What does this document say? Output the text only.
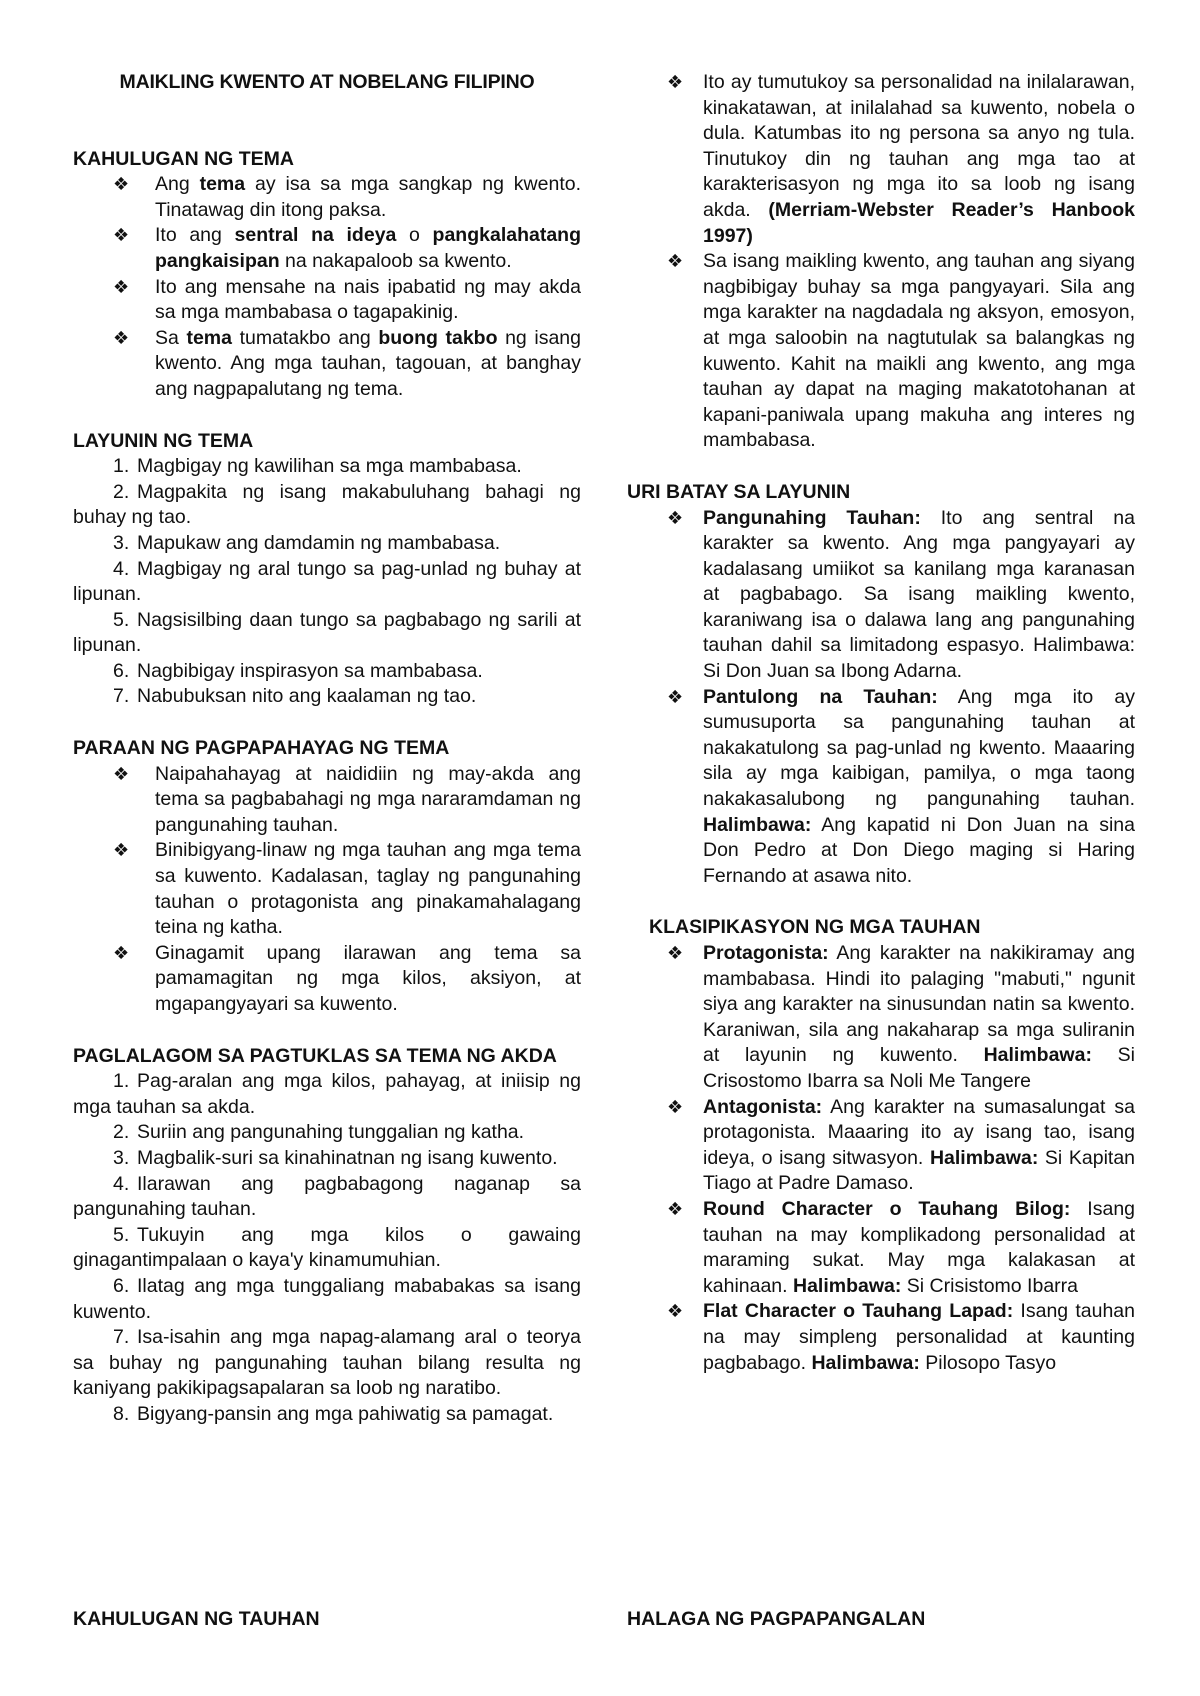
MAIKLING KWENTO AT NOBELANG FILIPINO

KAHULUGAN NG TEMA

❖ Ang tema ay isa sa mga sangkap ng kwento. Tinatawag din itong paksa.
❖ Ito ang sentral na ideya o pangkalahatang pangkaisipan na nakapaloob sa kwento.
❖ Ito ang mensahe na nais ipabatid ng may akda sa mga mambabasa o tagapakinig.
❖ Sa tema tumatakbo ang buong takbo ng isang kwento. Ang mga tauhan, tagouan, at banghay ang nagpapalutang ng tema.

LAYUNIN NG TEMA

1. Magbigay ng kawilihan sa mga mambabasa.
2. Magpakita ng isang makabuluhang bahagi ng buhay ng tao.
3. Mapukaw ang damdamin ng mambabasa.
4. Magbigay ng aral tungo sa pag-unlad ng buhay at lipunan.
5. Nagsisilbing daan tungo sa pagbabago ng sarili at lipunan.
6. Nagbibigay inspirasyon sa mambabasa.
7. Nabubuksan nito ang kaalaman ng tao.

PARAAN NG PAGPAPAHAYAG NG TEMA

❖ Naipahahayag at naididiin ng may-akda ang tema sa pagbabahagi ng mga nararamdaman ng pangunahing tauhan.
❖ Binibigyang-linaw ng mga tauhan ang mga tema sa kuwento. Kadalasan, taglay ng pangunahing tauhan o protagonista ang pinakamahalagang teina ng katha.
❖ Ginagamit upang ilarawan ang tema sa pamamagitan ng mga kilos, aksiyon, at mgapangyayari sa kuwento.

PAGLALAGOM SA PAGTUKLAS SA TEMA NG AKDA

1. Pag-aralan ang mga kilos, pahayag, at iniisip ng mga tauhan sa akda.
2. Suriin ang pangunahing tunggalian ng katha.
3. Magbalik-suri sa kinahinatnan ng isang kuwento.
4. Ilarawan ang pagbabagong naganap sa pangunahing tauhan.
5. Tukuyin ang mga kilos o gawaing ginagantimpalaan o kaya'y kinamumuhian.
6. Ilatag ang mga tunggaliang mababakas sa isang kuwento.
7. Isa-isahin ang mga napag-alamang aral o teorya sa buhay ng pangunahing tauhan bilang resulta ng kaniyang pakikipagsapalaran sa loob ng naratibo.
8. Bigyang-pansin ang mga pahiwatig sa pamagat.

KAHULUGAN NG TAUHAN

❖ Ito ay tumutukoy sa personalidad na inilalarawan, kinakatawan, at inilalahad sa kuwento, nobela o dula. Katumbas ito ng persona sa anyo ng tula. Tinutukoy din ng tauhan ang mga tao at karakterisasyon ng mga ito sa loob ng isang akda. (Merriam-Webster Reader’s Hanbook 1997)
❖ Sa isang maikling kwento, ang tauhan ang siyang nagbibigay buhay sa mga pangyayari. Sila ang mga karakter na nagdadala ng aksyon, emosyon, at mga saloobin na nagtutulak sa balangkas ng kuwento. Kahit na maikli ang kwento, ang mga tauhan ay dapat na maging makatotohanan at kapani-paniwala upang makuha ang interes ng mambabasa.

URI BATAY SA LAYUNIN

❖ Pangunahing Tauhan: Ito ang sentral na karakter sa kwento. Ang mga pangyayari ay kadalasang umiikot sa kanilang mga karanasan at pagbabago. Sa isang maikling kwento, karaniwang isa o dalawa lang ang pangunahing tauhan dahil sa limitadong espasyo. Halimbawa: Si Don Juan sa Ibong Adarna.
❖ Pantulong na Tauhan: Ang mga ito ay sumusuporta sa pangunahing tauhan at nakakatulong sa pag-unlad ng kwento. Maaaring sila ay mga kaibigan, pamilya, o mga taong nakakasalubong ng pangunahing tauhan. Halimbawa: Ang kapatid ni Don Juan na sina Don Pedro at Don Diego maging si Haring Fernando at asawa nito.

KLASIPIKASYON NG MGA TAUHAN

❖ Protagonista: Ang karakter na nakikiramay ang mambabasa. Hindi ito palaging "mabuti," ngunit siya ang karakter na sinusundan natin sa kwento. Karaniwan, sila ang nakaharap sa mga suliranin at layunin ng kuwento. Halimbawa: Si Crisostomo Ibarra sa Noli Me Tangere
❖ Antagonista: Ang karakter na sumasalungat sa protagonista. Maaaring ito ay isang tao, isang ideya, o isang sitwasyon. Halimbawa: Si Kapitan Tiago at Padre Damaso.
❖ Round Character o Tauhang Bilog: Isang tauhan na may komplikadong personalidad at maraming sukat. May mga kalakasan at kahinaan. Halimbawa: Si Crisistomo Ibarra
❖ Flat Character o Tauhang Lapad: Isang tauhan na may simpleng personalidad at kaunting pagbabago. Halimbawa: Pilosopo Tasyo

HALAGA NG PAGPAPANGALAN
